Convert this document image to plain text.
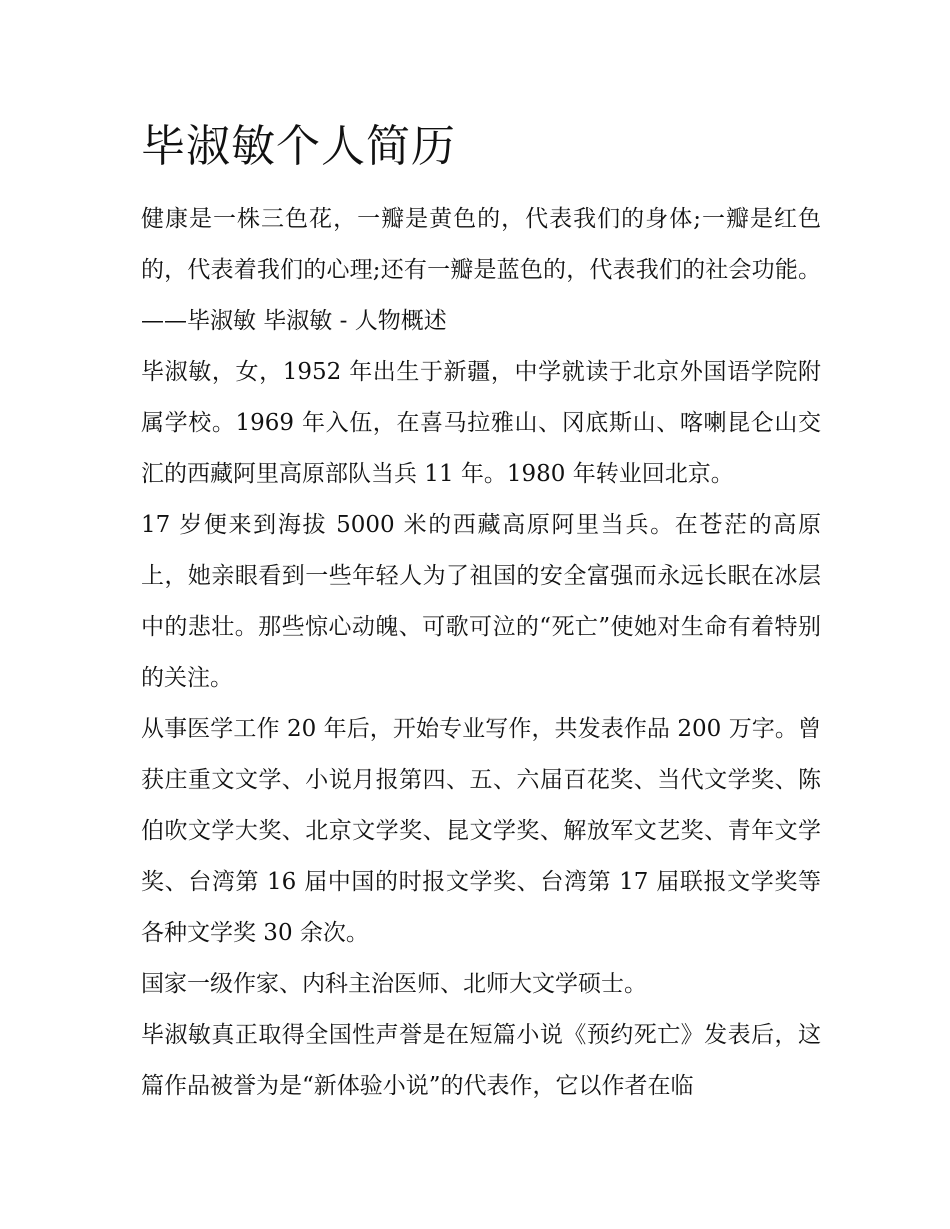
毕淑敏个人简历

健康是一株三色花，一瓣是黄色的，代表我们的身体;一瓣是红色的，代表着我们的心理;还有一瓣是蓝色的，代表我们的社会功能。——毕淑敏 毕淑敏 - 人物概述

毕淑敏，女，1952 年出生于新疆，中学就读于北京外国语学院附属学校。1969 年入伍，在喜马拉雅山、冈底斯山、喀喇昆仑山交汇的西藏阿里高原部队当兵 11 年。1980 年转业回北京。

17 岁便来到海拔 5000 米的西藏高原阿里当兵。在苍茫的高原上，她亲眼看到一些年轻人为了祖国的安全富强而永远长眠在冰层中的悲壮。那些惊心动魄、可歌可泣的“死亡”使她对生命有着特别的关注。

从事医学工作 20 年后，开始专业写作，共发表作品 200 万字。曾获庄重文文学、小说月报第四、五、六届百花奖、当代文学奖、陈伯吹文学大奖、北京文学奖、昆文学奖、解放军文艺奖、青年文学奖、台湾第 16 届中国的时报文学奖、台湾第 17 届联报文学奖等各种文学奖 30 余次。

国家一级作家、内科主治医师、北师大文学硕士。

毕淑敏真正取得全国性声誉是在短篇小说《预约死亡》发表后，这篇作品被誉为是“新体验小说”的代表作，它以作者在临
